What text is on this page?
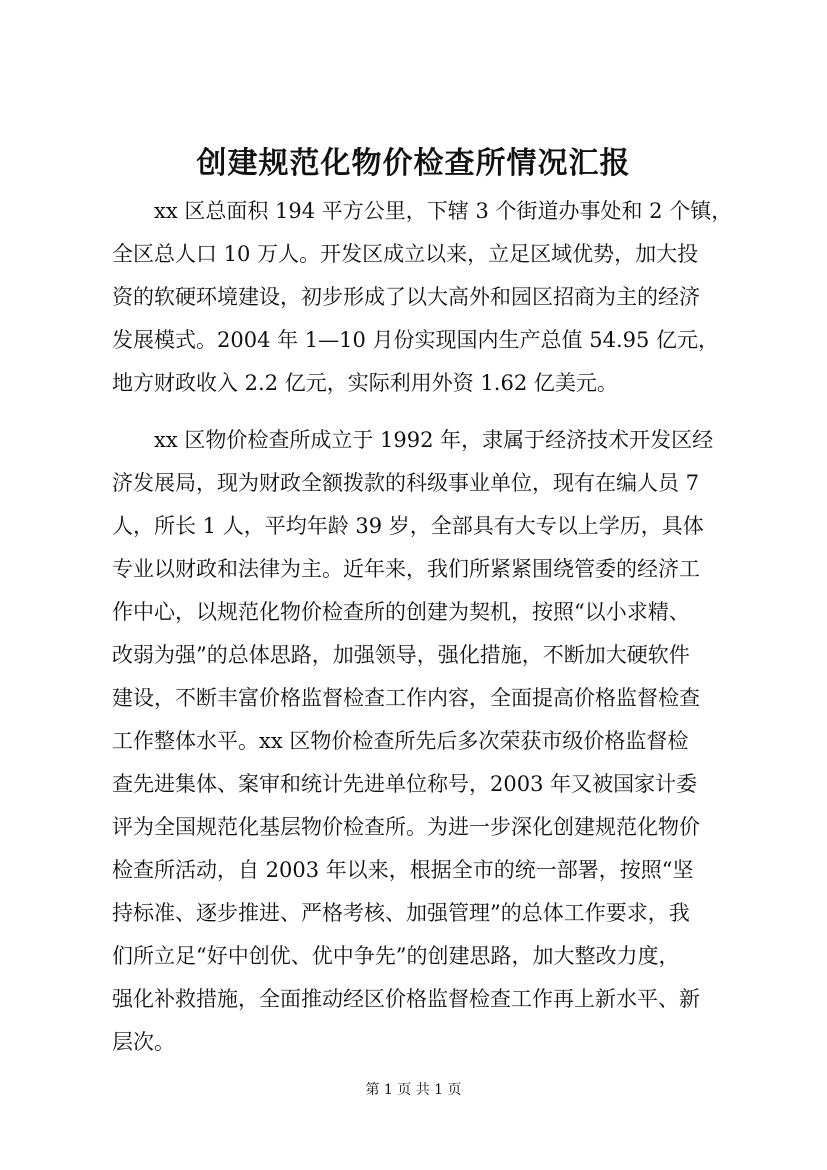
创建规范化物价检查所情况汇报
xx 区总面积 194 平方公里，下辖 3 个街道办事处和 2 个镇，
全区总人口 10 万人。开发区成立以来，立足区域优势，加大投
资的软硬环境建设，初步形成了以大高外和园区招商为主的经济
发展模式。2004 年 1—10 月份实现国内生产总值 54.95 亿元，
地方财政收入 2.2 亿元，实际利用外资 1.62 亿美元。
xx 区物价检查所成立于 1992 年，隶属于经济技术开发区经
济发展局，现为财政全额拨款的科级事业单位，现有在编人员 7
人，所长 1 人，平均年龄 39 岁，全部具有大专以上学历，具体
专业以财政和法律为主。近年来，我们所紧紧围绕管委的经济工
作中心，以规范化物价检查所的创建为契机，按照“以小求精、
改弱为强”的总体思路，加强领导，强化措施，不断加大硬软件
建设，不断丰富价格监督检查工作内容，全面提高价格监督检查
工作整体水平。xx 区物价检查所先后多次荣获市级价格监督检
查先进集体、案审和统计先进单位称号，2003 年又被国家计委
评为全国规范化基层物价检查所。为进一步深化创建规范化物价
检查所活动，自 2003 年以来，根据全市的统一部署，按照“坚
持标准、逐步推进、严格考核、加强管理”的总体工作要求，我
们所立足“好中创优、优中争先”的创建思路，加大整改力度，
强化补救措施，全面推动经区价格监督检查工作再上新水平、新
层次。
第 1 页 共 1 页
